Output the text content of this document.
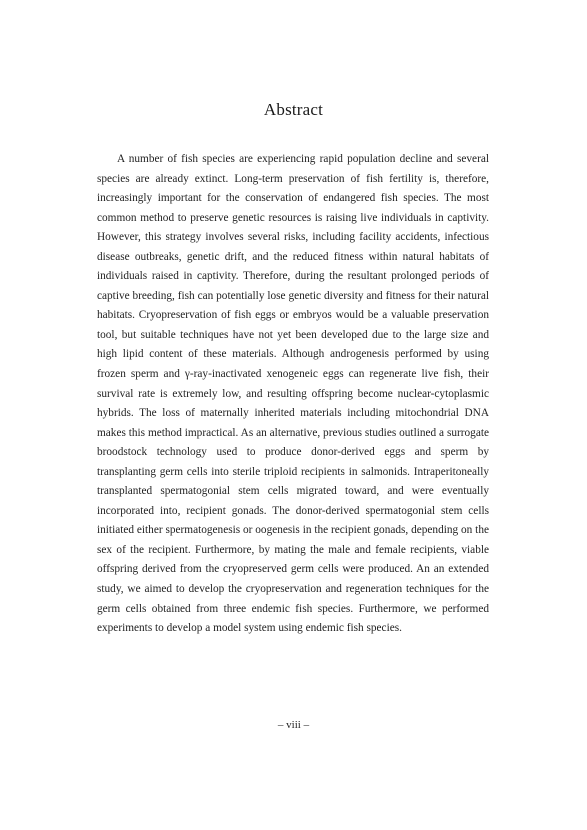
Abstract

A number of fish species are experiencing rapid population decline and several species are already extinct. Long-term preservation of fish fertility is, therefore, increasingly important for the conservation of endangered fish species. The most common method to preserve genetic resources is raising live individuals in captivity. However, this strategy involves several risks, including facility accidents, infectious disease outbreaks, genetic drift, and the reduced fitness within natural habitats of individuals raised in captivity. Therefore, during the resultant prolonged periods of captive breeding, fish can potentially lose genetic diversity and fitness for their natural habitats. Cryopreservation of fish eggs or embryos would be a valuable preservation tool, but suitable techniques have not yet been developed due to the large size and high lipid content of these materials. Although androgenesis performed by using frozen sperm and γ-ray-inactivated xenogeneic eggs can regenerate live fish, their survival rate is extremely low, and resulting offspring become nuclear-cytoplasmic hybrids. The loss of maternally inherited materials including mitochondrial DNA makes this method impractical. As an alternative, previous studies outlined a surrogate broodstock technology used to produce donor-derived eggs and sperm by transplanting germ cells into sterile triploid recipients in salmonids. Intraperitoneally transplanted spermatogonial stem cells migrated toward, and were eventually incorporated into, recipient gonads. The donor-derived spermatogonial stem cells initiated either spermatogenesis or oogenesis in the recipient gonads, depending on the sex of the recipient. Furthermore, by mating the male and female recipients, viable offspring derived from the cryopreserved germ cells were produced. An an extended study, we aimed to develop the cryopreservation and regeneration techniques for the germ cells obtained from three endemic fish species. Furthermore, we performed experiments to develop a model system using endemic fish species.

– viii –
